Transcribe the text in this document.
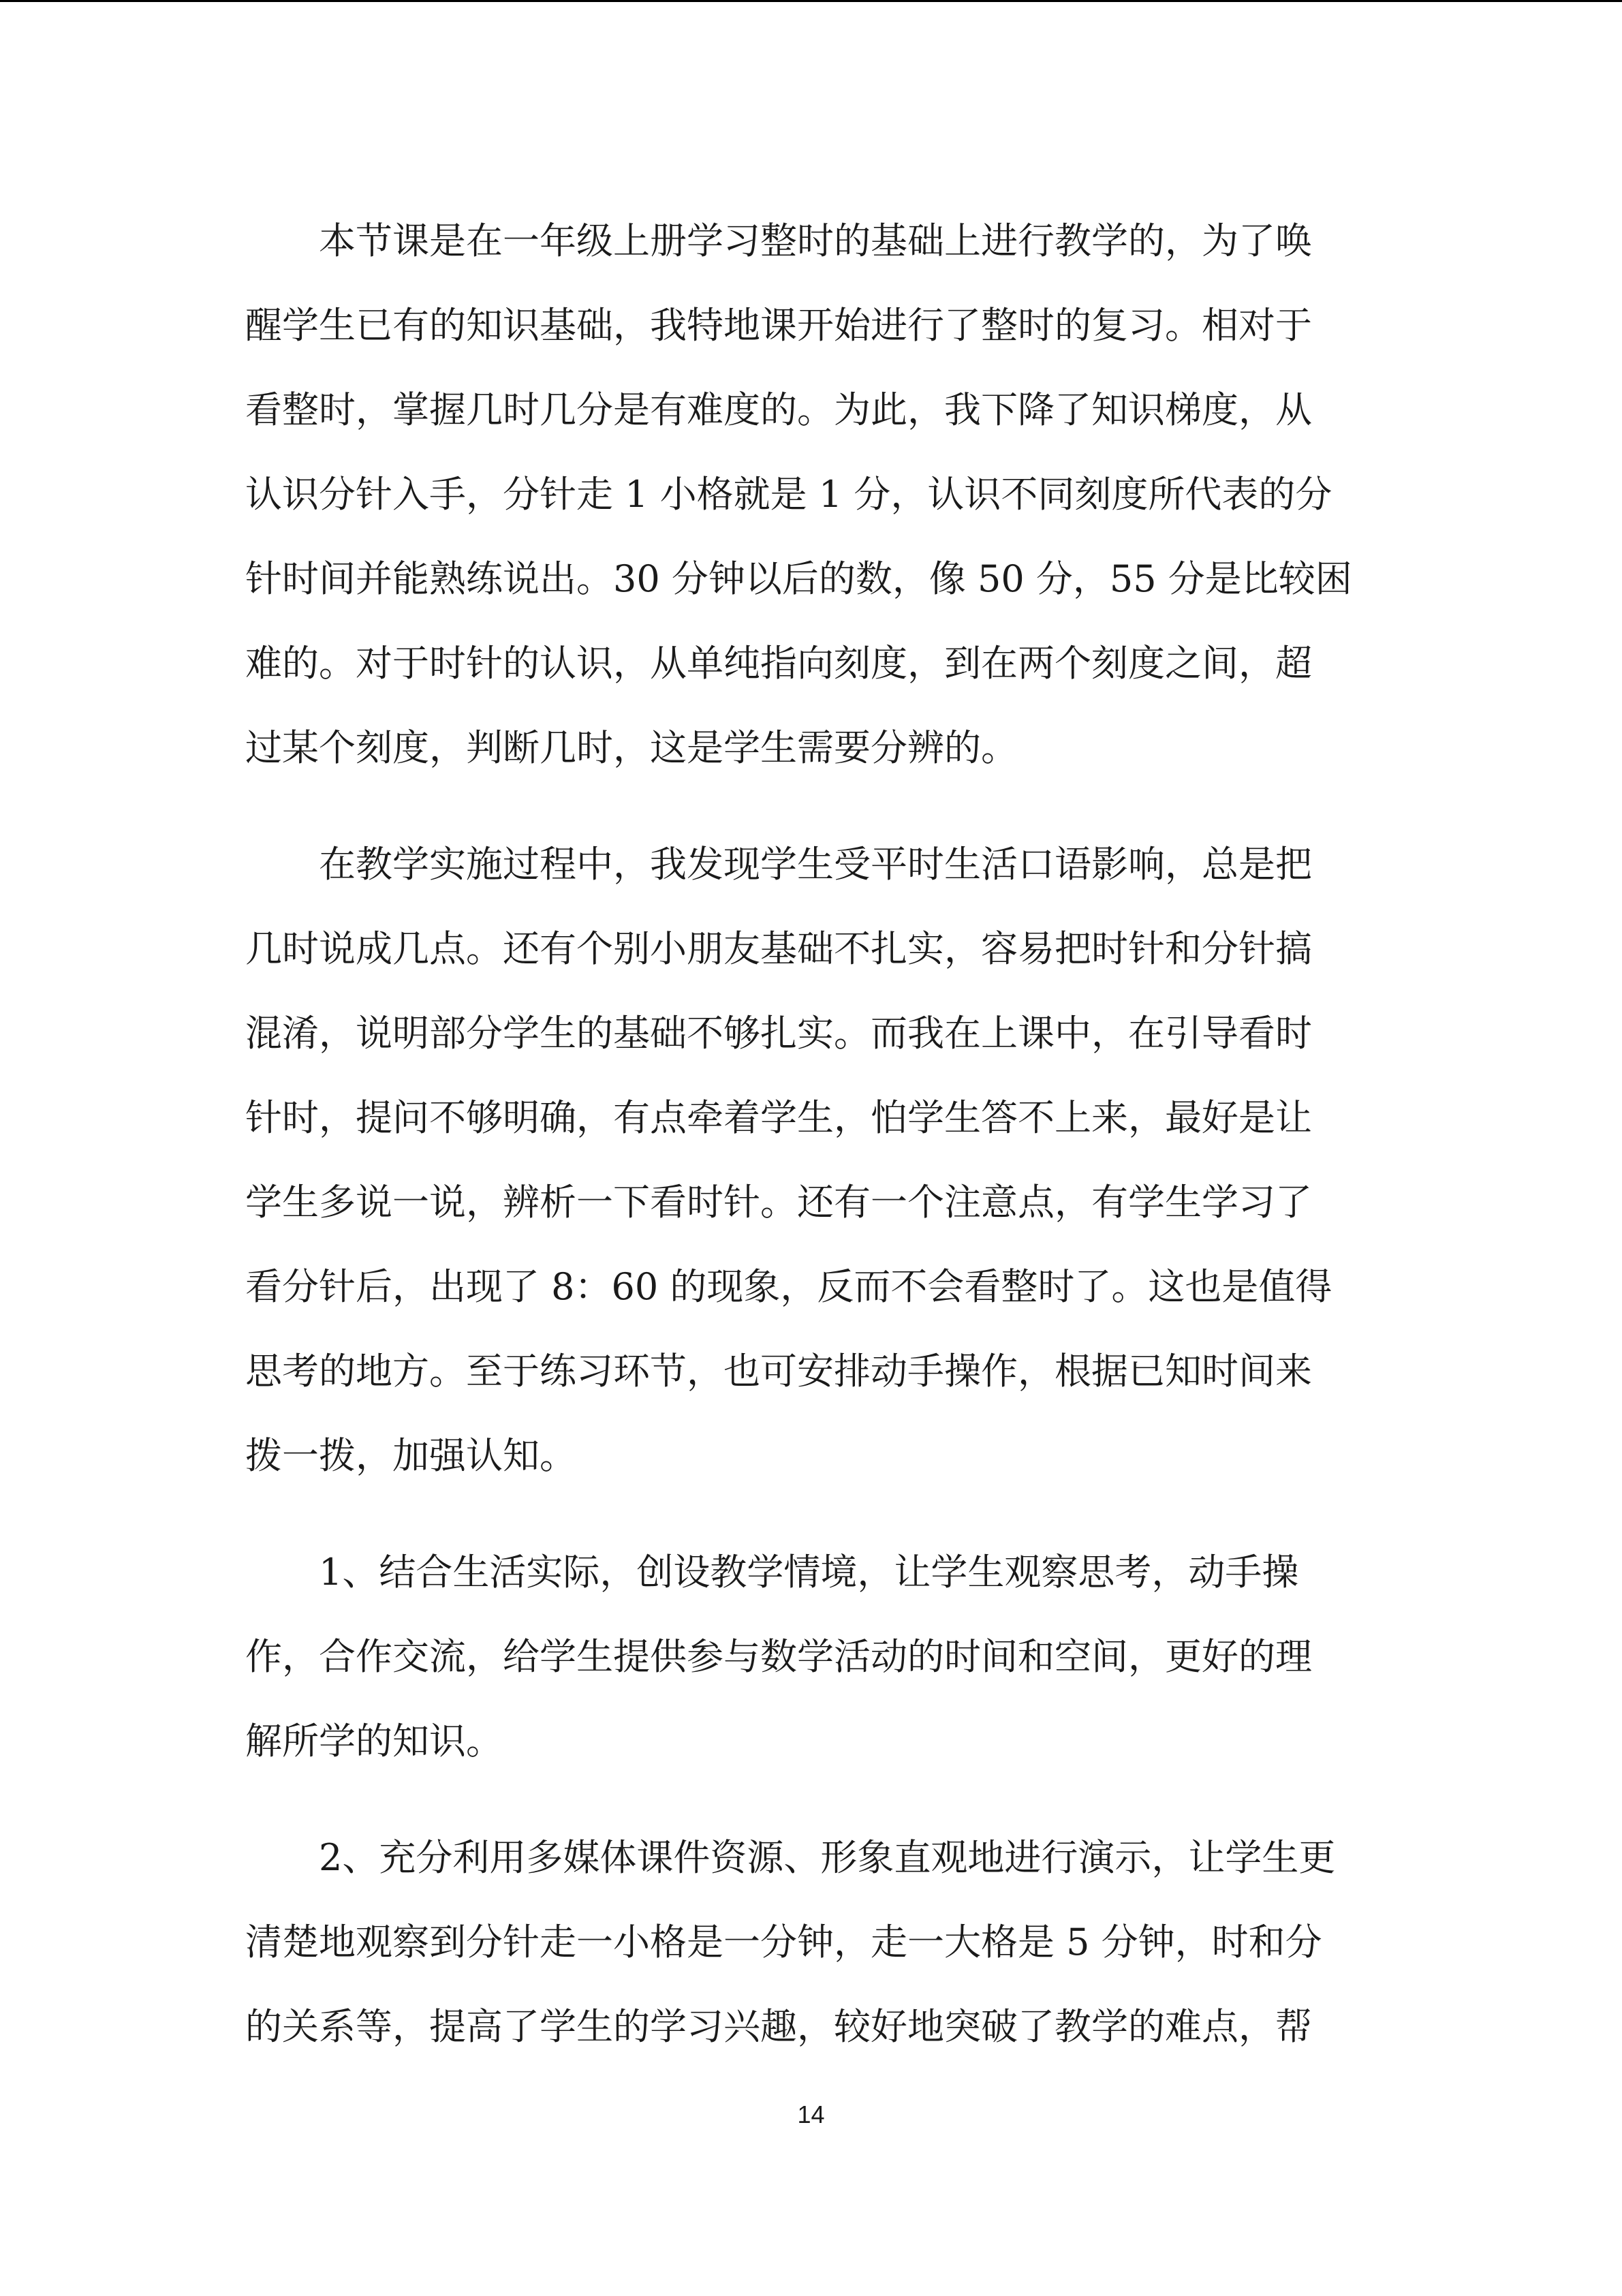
　　本节课是在一年级上册学习整时的基础上进行教学的，为了唤
醒学生已有的知识基础，我特地课开始进行了整时的复习。相对于
看整时，掌握几时几分是有难度的。为此，我下降了知识梯度，从
认识分针入手，分针走 1 小格就是 1 分，认识不同刻度所代表的分
针时间并能熟练说出。30 分钟以后的数，像 50 分，55 分是比较困
难的。对于时针的认识，从单纯指向刻度，到在两个刻度之间，超
过某个刻度，判断几时，这是学生需要分辨的。
　　在教学实施过程中，我发现学生受平时生活口语影响，总是把
几时说成几点。还有个别小朋友基础不扎实，容易把时针和分针搞
混淆，说明部分学生的基础不够扎实。而我在上课中，在引导看时
针时，提问不够明确，有点牵着学生，怕学生答不上来，最好是让
学生多说一说，辨析一下看时针。还有一个注意点，有学生学习了
看分针后，出现了 8：60 的现象，反而不会看整时了。这也是值得
思考的地方。至于练习环节，也可安排动手操作，根据已知时间来
拨一拨，加强认知。
　　1、结合生活实际，创设教学情境，让学生观察思考，动手操
作，合作交流，给学生提供参与数学活动的时间和空间，更好的理
解所学的知识。
　　2、充分利用多媒体课件资源、形象直观地进行演示，让学生更
清楚地观察到分针走一小格是一分钟，走一大格是 5 分钟，时和分
的关系等，提高了学生的学习兴趣，较好地突破了教学的难点，帮
14
